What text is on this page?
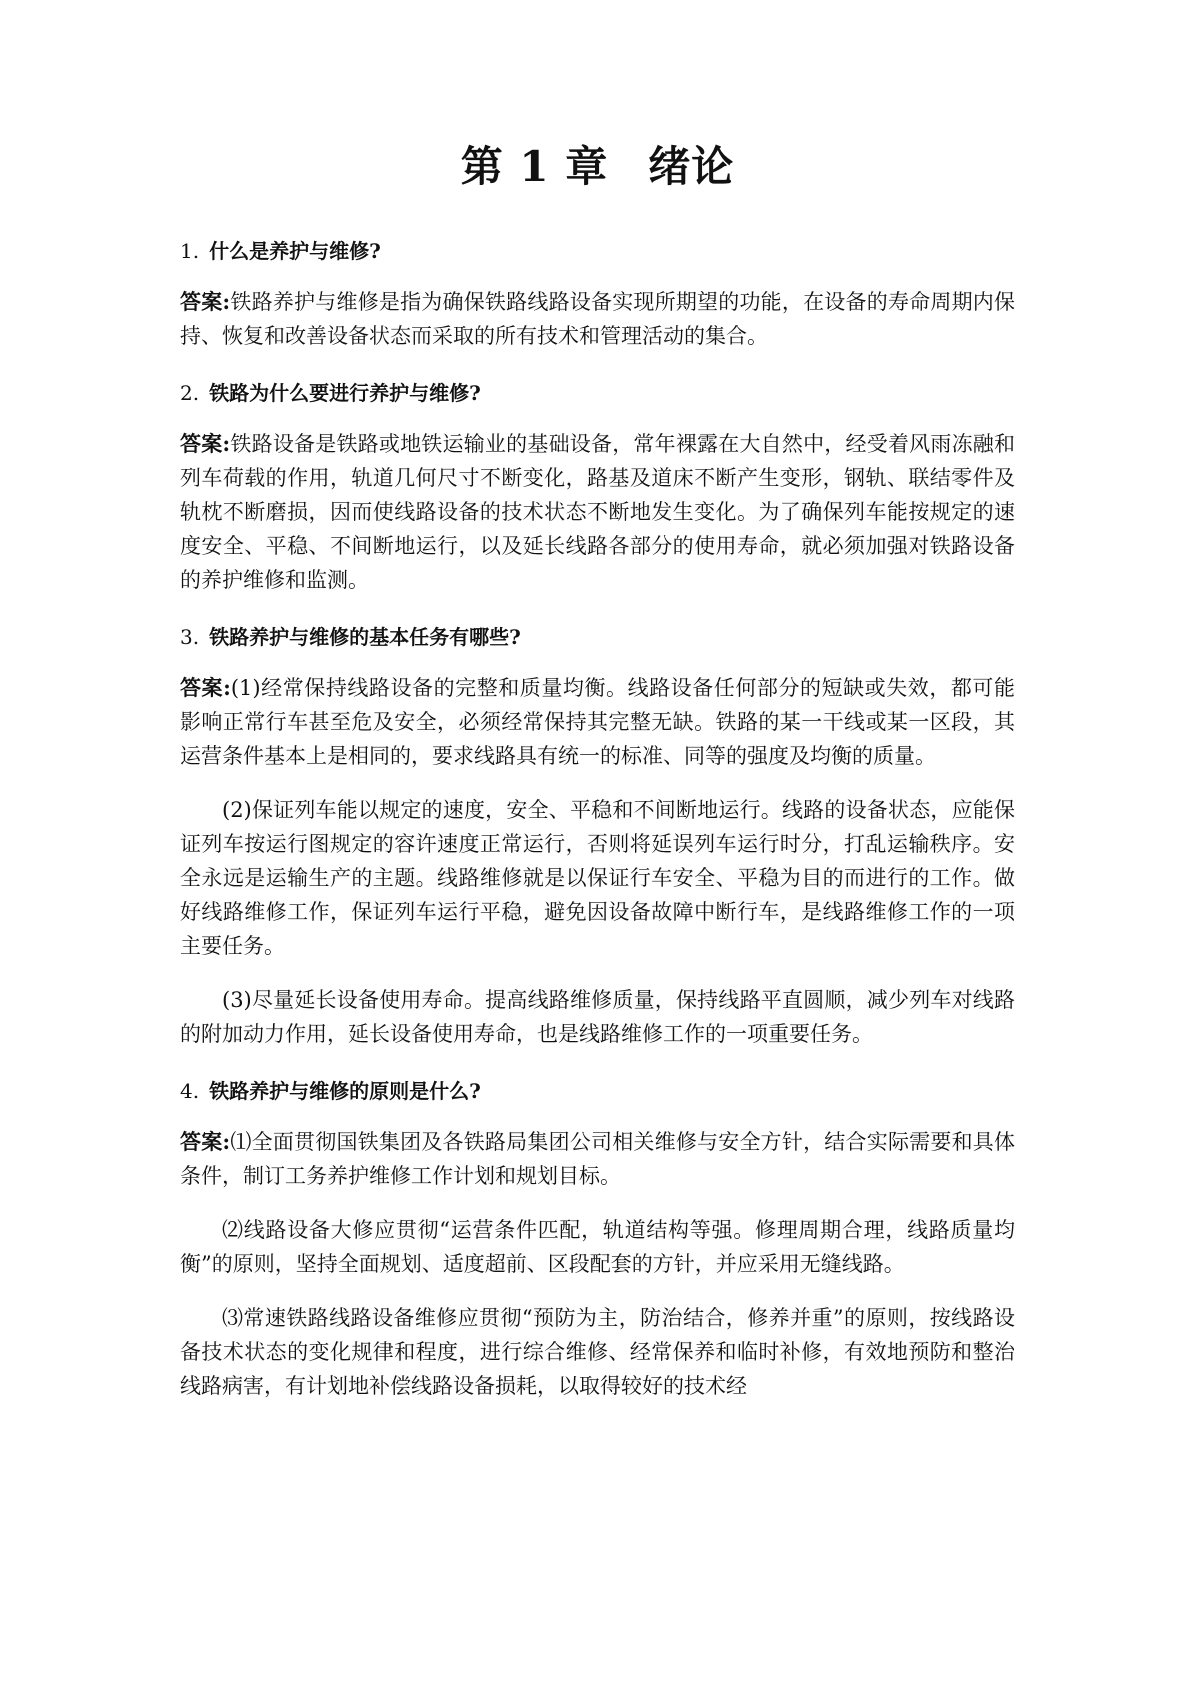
第 1 章 绪论
1. 什么是养护与维修?

答案:铁路养护与维修是指为确保铁路线路设备实现所期望的功能，在设备的寿命周期内保持、恢复和改善设备状态而采取的所有技术和管理活动的集合。

2. 铁路为什么要进行养护与维修?

答案:铁路设备是铁路或地铁运输业的基础设备，常年裸露在大自然中，经受着风雨冻融和列车荷载的作用，轨道几何尺寸不断变化，路基及道床不断产生变形，钢轨、联结零件及轨枕不断磨损，因而使线路设备的技术状态不断地发生变化。为了确保列车能按规定的速度安全、平稳、不间断地运行，以及延长线路各部分的使用寿命，就必须加强对铁路设备的养护维修和监测。

3. 铁路养护与维修的基本任务有哪些?

答案:(1)经常保持线路设备的完整和质量均衡。线路设备任何部分的短缺或失效，都可能影响正常行车甚至危及安全，必须经常保持其完整无缺。铁路的某一干线或某一区段，其运营条件基本上是相同的，要求线路具有统一的标准、同等的强度及均衡的质量。

(2)保证列车能以规定的速度，安全、平稳和不间断地运行。线路的设备状态，应能保证列车按运行图规定的容许速度正常运行，否则将延误列车运行时分，打乱运输秩序。安全永远是运输生产的主题。线路维修就是以保证行车安全、平稳为目的而进行的工作。做好线路维修工作，保证列车运行平稳，避免因设备故障中断行车，是线路维修工作的一项主要任务。

(3)尽量延长设备使用寿命。提高线路维修质量，保持线路平直圆顺，减少列车对线路的附加动力作用，延长设备使用寿命，也是线路维修工作的一项重要任务。

4. 铁路养护与维修的原则是什么?

答案:⑴全面贯彻国铁集团及各铁路局集团公司相关维修与安全方针，结合实际需要和具体条件，制订工务养护维修工作计划和规划目标。

⑵线路设备大修应贯彻“运营条件匹配，轨道结构等强。修理周期合理，线路质量均衡”的原则，坚持全面规划、适度超前、区段配套的方针，并应采用无缝线路。

⑶常速铁路线路设备维修应贯彻“预防为主，防治结合，修养并重”的原则，按线路设备技术状态的变化规律和程度，进行综合维修、经常保养和临时补修，有效地预防和整治线路病害，有计划地补偿线路设备损耗，以取得较好的技术经
